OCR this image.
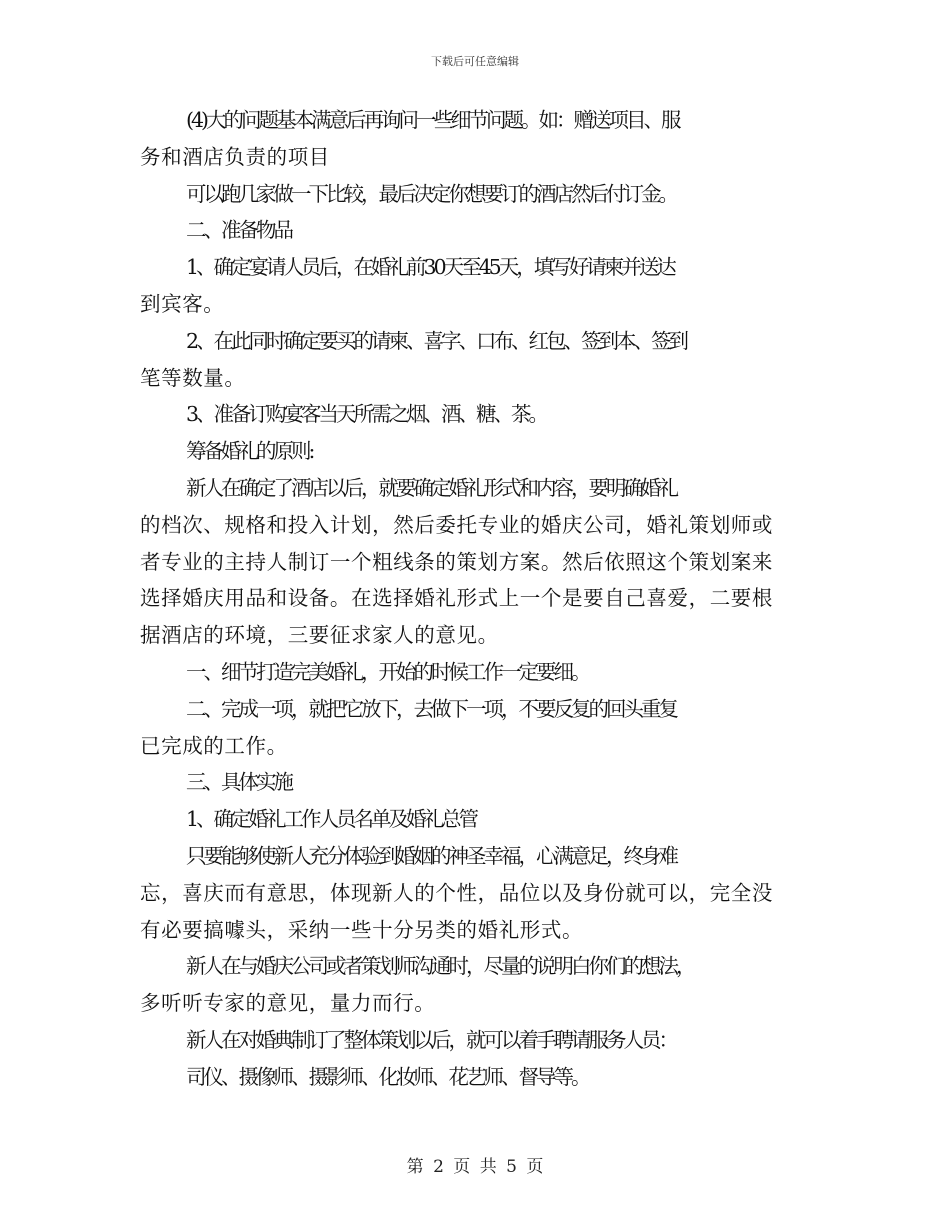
下载后可任意编辑

(4)大的问题基本满意后再询问一些细节问题。如：赠送项目、服

务和酒店负责的项目

可以跑几家做一下比较，最后决定你想要订的酒店然后付订金。

二、准备物品

1、确定宴请人员后，在婚礼前30天至45天，填写好请柬并送达

到宾客。

2、在此同时确定要买的请柬、喜字、口布、红包、签到本、签到

笔等数量。

3、准备订购宴客当天所需之烟、酒、糖、茶。

筹备婚礼的原则:

新人在确定了酒店以后，就要确定婚礼形式和内容，要明确婚礼

的档次、规格和投入计划，然后委托专业的婚庆公司，婚礼策划师或

者专业的主持人制订一个粗线条的策划方案。然后依照这个策划案来

选择婚庆用品和设备。在选择婚礼形式上一个是要自己喜爱，二要根

据酒店的环境，三要征求家人的意见。

一、细节打造完美婚礼，开始的时候工作一定要细。

二、完成一项，就把它放下，去做下一项，不要反复的回头重复

已完成的工作。

三、具体实施

1、确定婚礼工作人员名单及婚礼总管

只要能够使新人充分体验到婚姻的神圣幸福，心满意足，终身难

忘，喜庆而有意思，体现新人的个性，品位以及身份就可以，完全没

有必要搞噱头，采纳一些十分另类的婚礼形式。

新人在与婚庆公司或者策划师沟通时，尽量的说明白你们的想法，

多听听专家的意见，量力而行。

新人在对婚典制订了整体策划以后，就可以着手聘请服务人员：

司仪、摄像师、摄影师、化妆师、花艺师、督导等。

第 2 页 共 5 页
